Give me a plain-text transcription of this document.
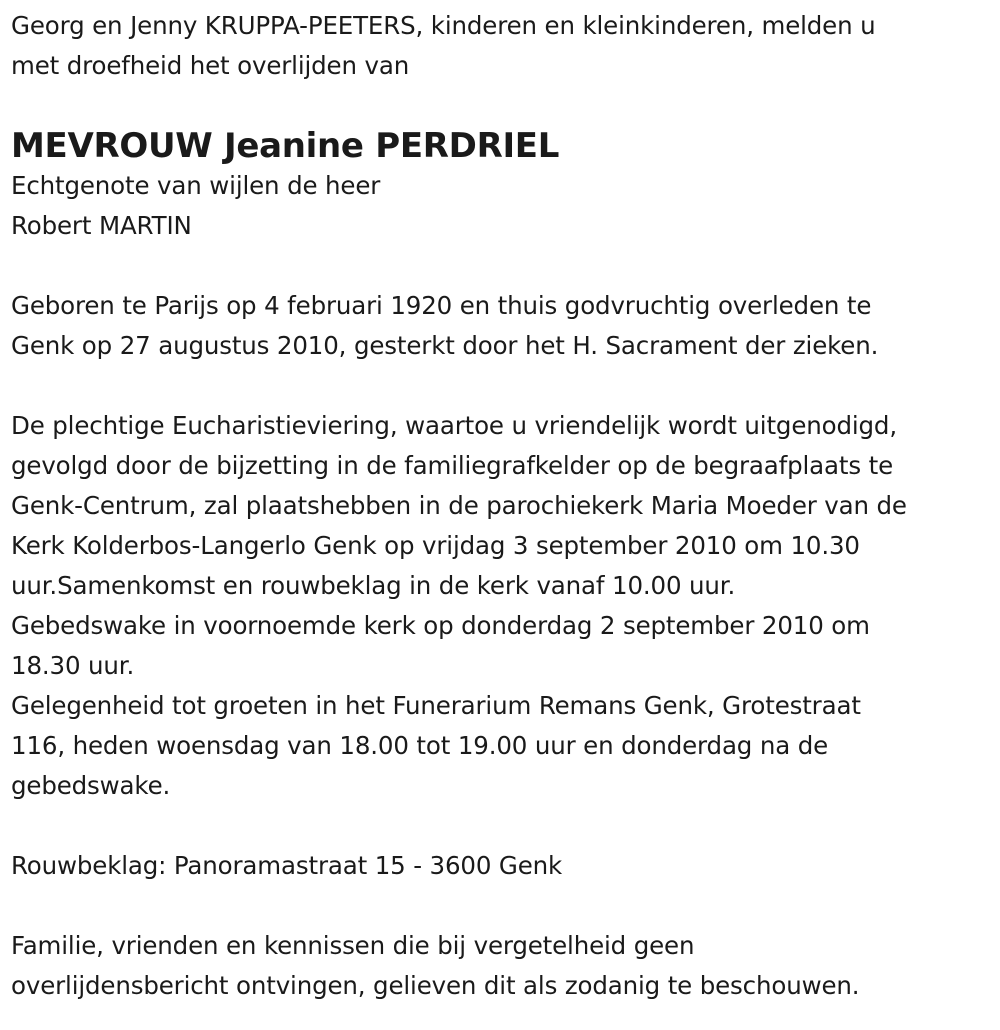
Georg en Jenny KRUPPA-PEETERS, kinderen en kleinkinderen, melden u
met droefheid het overlijden van
MEVROUW Jeanine PERDRIEL
Echtgenote van wijlen de heer
Robert MARTIN
Geboren te Parijs op 4 februari 1920 en thuis godvruchtig overleden te
Genk op 27 augustus 2010, gesterkt door het H. Sacrament der zieken.
De plechtige Eucharistieviering, waartoe u vriendelijk wordt uitgenodigd,
gevolgd door de bijzetting in de familiegrafkelder op de begraafplaats te
Genk-Centrum, zal plaatshebben in de parochiekerk Maria Moeder van de
Kerk Kolderbos-Langerlo Genk op vrijdag 3 september 2010 om 10.30
uur.Samenkomst en rouwbeklag in de kerk vanaf 10.00 uur.
Gebedswake in voornoemde kerk op donderdag 2 september 2010 om
18.30 uur.
Gelegenheid tot groeten in het Funerarium Remans Genk, Grotestraat
116, heden woensdag van 18.00 tot 19.00 uur en donderdag na de
gebedswake.
Rouwbeklag: Panoramastraat 15 - 3600 Genk
Familie, vrienden en kennissen die bij vergetelheid geen
overlijdensbericht ontvingen, gelieven dit als zodanig te beschouwen.
